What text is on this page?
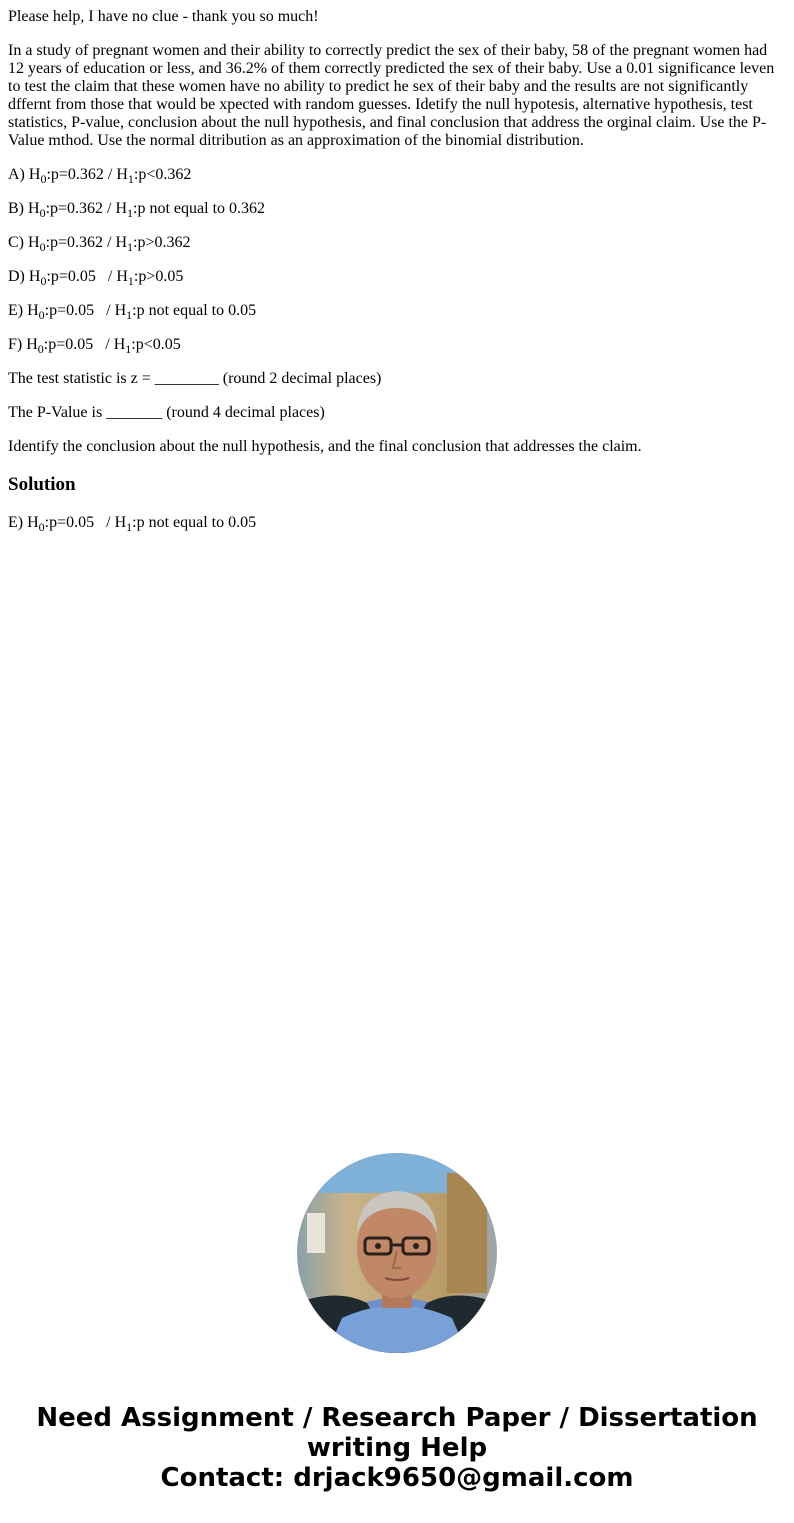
Please help, I have no clue - thank you so much!

In a study of pregnant women and their ability to correctly predict the sex of their baby, 58 of the pregnant women had 12 years of education or less, and 36.2% of them correctly predicted the sex of their baby. Use a 0.01 significance leven to test the claim that these women have no ability to predict he sex of their baby and the results are not significantly dffernt from those that would be xpected with random guesses. Idetify the null hypotesis, alternative hypothesis, test statistics, P-value, conclusion about the null hypothesis, and final conclusion that address the orginal claim. Use the P-Value mthod. Use the normal ditribution as an approximation of the binomial distribution.

A) $H_0:p=0.362$ / $H_1:p<0.362$

B) $H_0:p=0.362$ / $H_1:p$ not equal to 0.362

C) $H_0:p=0.362$ / $H_1:p>0.362$

D) $H_0:p=0.05$   / $H_1:p>0.05$

E) $H_0:p=0.05$   / $H_1:p$ not equal to 0.05

F) $H_0:p=0.05$   / $H_1:p<0.05$

The test statistic is z = ________ (round 2 decimal places)

The P-Value is _______ (round 4 decimal places)

Identify the conclusion about the null hypothesis, and the final conclusion that addresses the claim.

Solution

E) $H_0:p=0.05$   / $H_1:p$ not equal to 0.05

Need Assignment / Research Paper / Dissertation
writing Help
Contact: drjack9650@gmail.com
